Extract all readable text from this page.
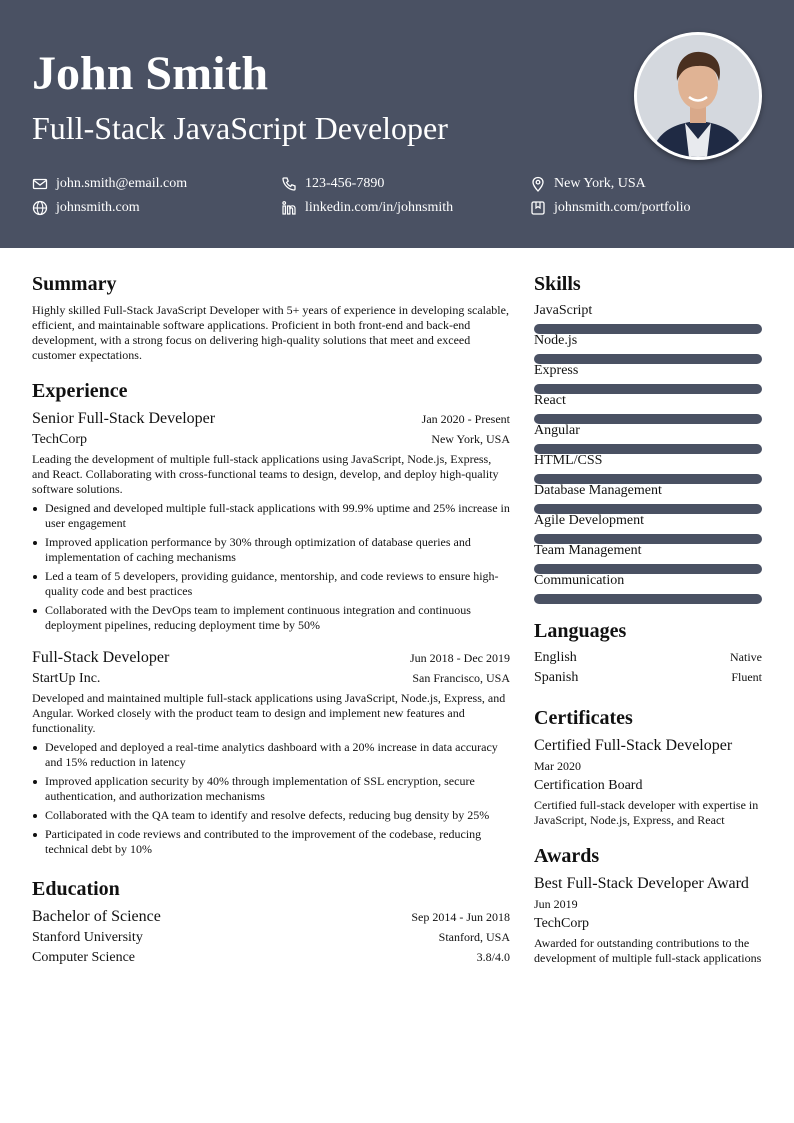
John Smith
Full-Stack JavaScript Developer
john.smith@email.com	123-456-7890	New York, USA
johnsmith.com	linkedin.com/in/johnsmith	johnsmith.com/portfolio
Summary
Highly skilled Full-Stack JavaScript Developer with 5+ years of experience in developing scalable, efficient, and maintainable software applications. Proficient in both front-end and back-end development, with a strong focus on delivering high-quality solutions that meet and exceed customer expectations.
Experience
Senior Full-Stack Developer	Jan 2020 - Present
TechCorp	New York, USA
Leading the development of multiple full-stack applications using JavaScript, Node.js, Express, and React. Collaborating with cross-functional teams to design, develop, and deploy high-quality software solutions.
Designed and developed multiple full-stack applications with 99.9% uptime and 25% increase in user engagement
Improved application performance by 30% through optimization of database queries and implementation of caching mechanisms
Led a team of 5 developers, providing guidance, mentorship, and code reviews to ensure high-quality code and best practices
Collaborated with the DevOps team to implement continuous integration and continuous deployment pipelines, reducing deployment time by 50%
Full-Stack Developer	Jun 2018 - Dec 2019
StartUp Inc.	San Francisco, USA
Developed and maintained multiple full-stack applications using JavaScript, Node.js, Express, and Angular. Worked closely with the product team to design and implement new features and functionality.
Developed and deployed a real-time analytics dashboard with a 20% increase in data accuracy and 15% reduction in latency
Improved application security by 40% through implementation of SSL encryption, secure authentication, and authorization mechanisms
Collaborated with the QA team to identify and resolve defects, reducing bug density by 25%
Participated in code reviews and contributed to the improvement of the codebase, reducing technical debt by 10%
Education
Bachelor of Science	Sep 2014 - Jun 2018
Stanford University	Stanford, USA
Computer Science	3.8/4.0
Skills
JavaScript
Node.js
Express
React
Angular
HTML/CSS
Database Management
Agile Development
Team Management
Communication
Languages
English	Native
Spanish	Fluent
Certificates
Certified Full-Stack Developer
Mar 2020
Certification Board
Certified full-stack developer with expertise in JavaScript, Node.js, Express, and React
Awards
Best Full-Stack Developer Award
Jun 2019
TechCorp
Awarded for outstanding contributions to the development of multiple full-stack applications
